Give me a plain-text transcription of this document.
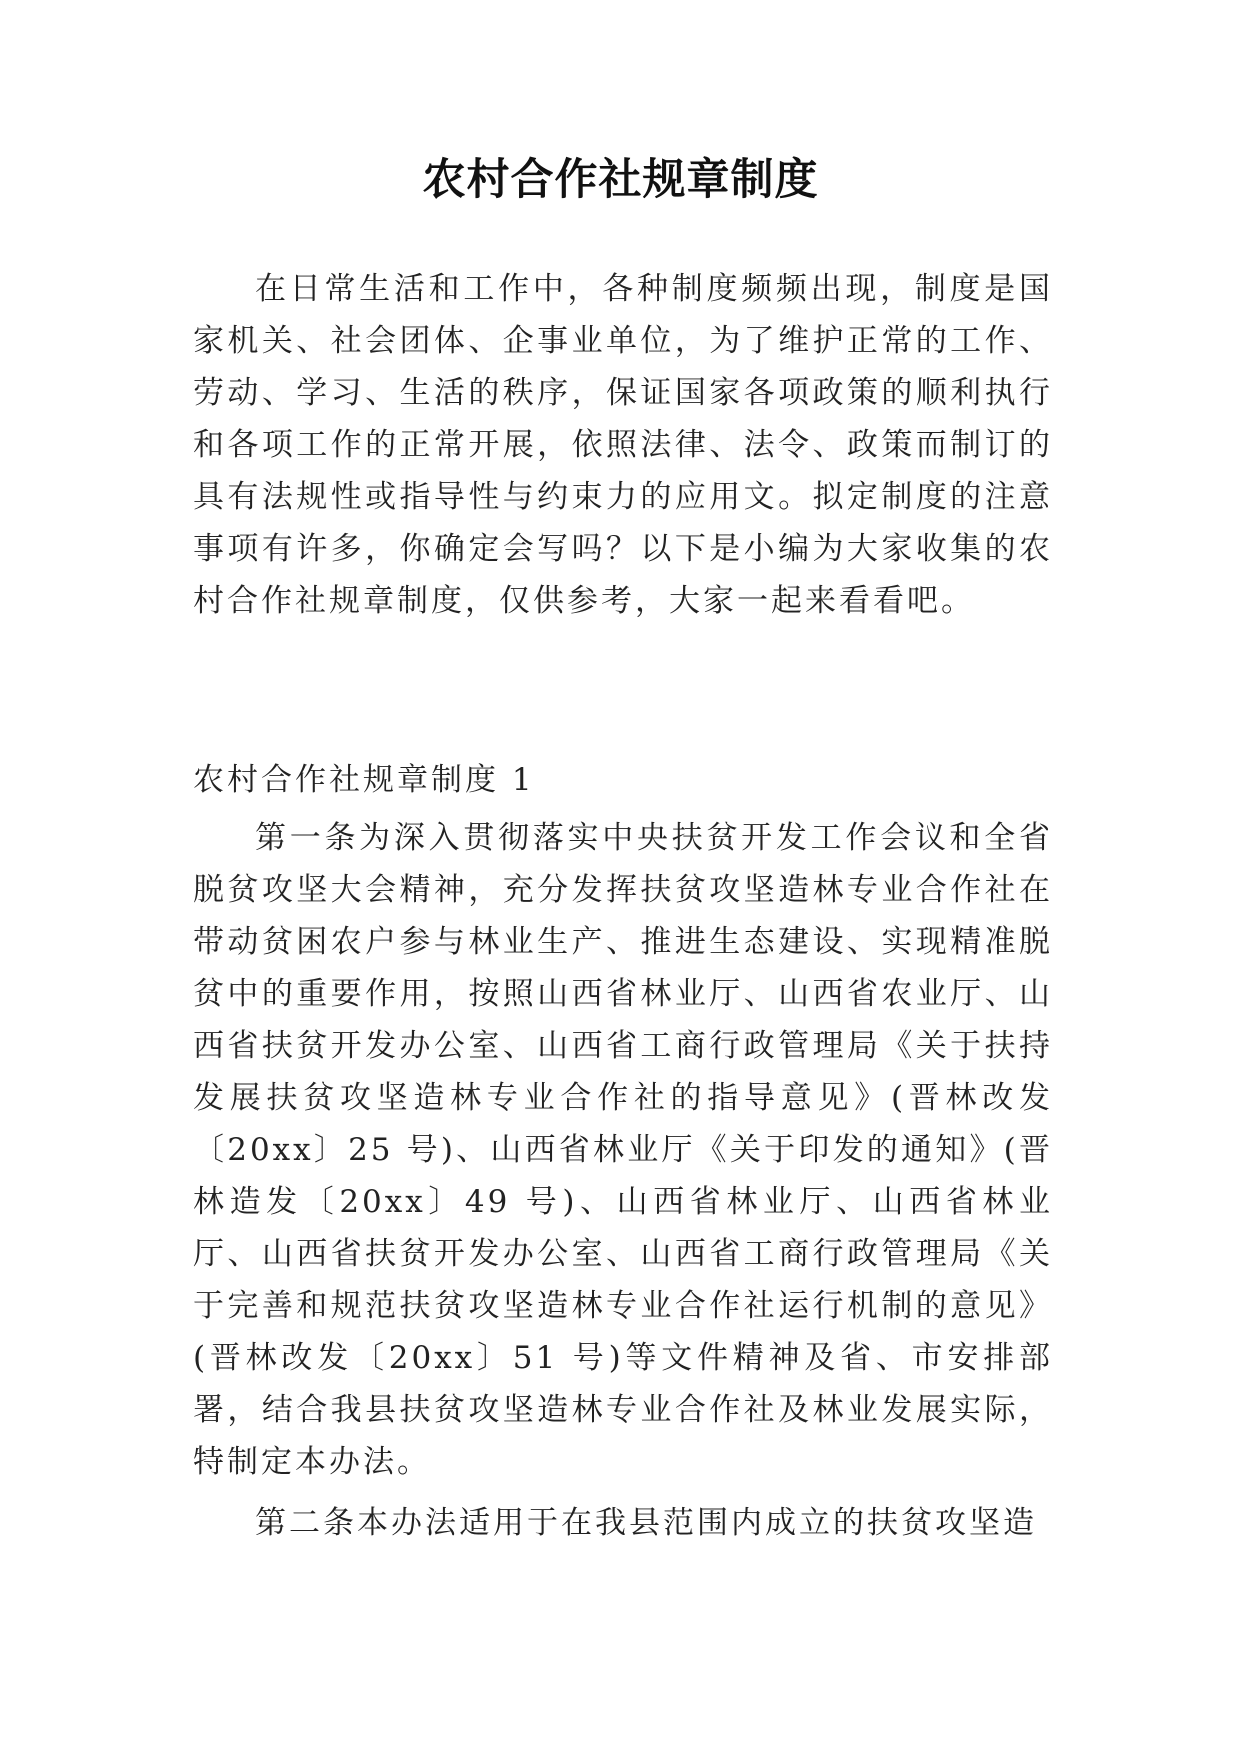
农村合作社规章制度

在日常生活和工作中，各种制度频频出现，制度是国家机关、社会团体、企事业单位，为了维护正常的工作、劳动、学习、生活的秩序，保证国家各项政策的顺利执行和各项工作的正常开展，依照法律、法令、政策而制订的具有法规性或指导性与约束力的应用文。拟定制度的注意事项有许多，你确定会写吗？以下是小编为大家收集的农村合作社规章制度，仅供参考，大家一起来看看吧。

农村合作社规章制度 1

第一条为深入贯彻落实中央扶贫开发工作会议和全省脱贫攻坚大会精神，充分发挥扶贫攻坚造林专业合作社在带动贫困农户参与林业生产、推进生态建设、实现精准脱贫中的重要作用，按照山西省林业厅、山西省农业厅、山西省扶贫开发办公室、山西省工商行政管理局《关于扶持发展扶贫攻坚造林专业合作社的指导意见》(晋林改发〔20xx〕25 号)、山西省林业厅《关于印发的通知》(晋林造发〔20xx〕49 号)、山西省林业厅、山西省林业厅、山西省扶贫开发办公室、山西省工商行政管理局《关于完善和规范扶贫攻坚造林专业合作社运行机制的意见》(晋林改发〔20xx〕51 号)等文件精神及省、市安排部署，结合我县扶贫攻坚造林专业合作社及林业发展实际，特制定本办法。

第二条本办法适用于在我县范围内成立的扶贫攻坚造
